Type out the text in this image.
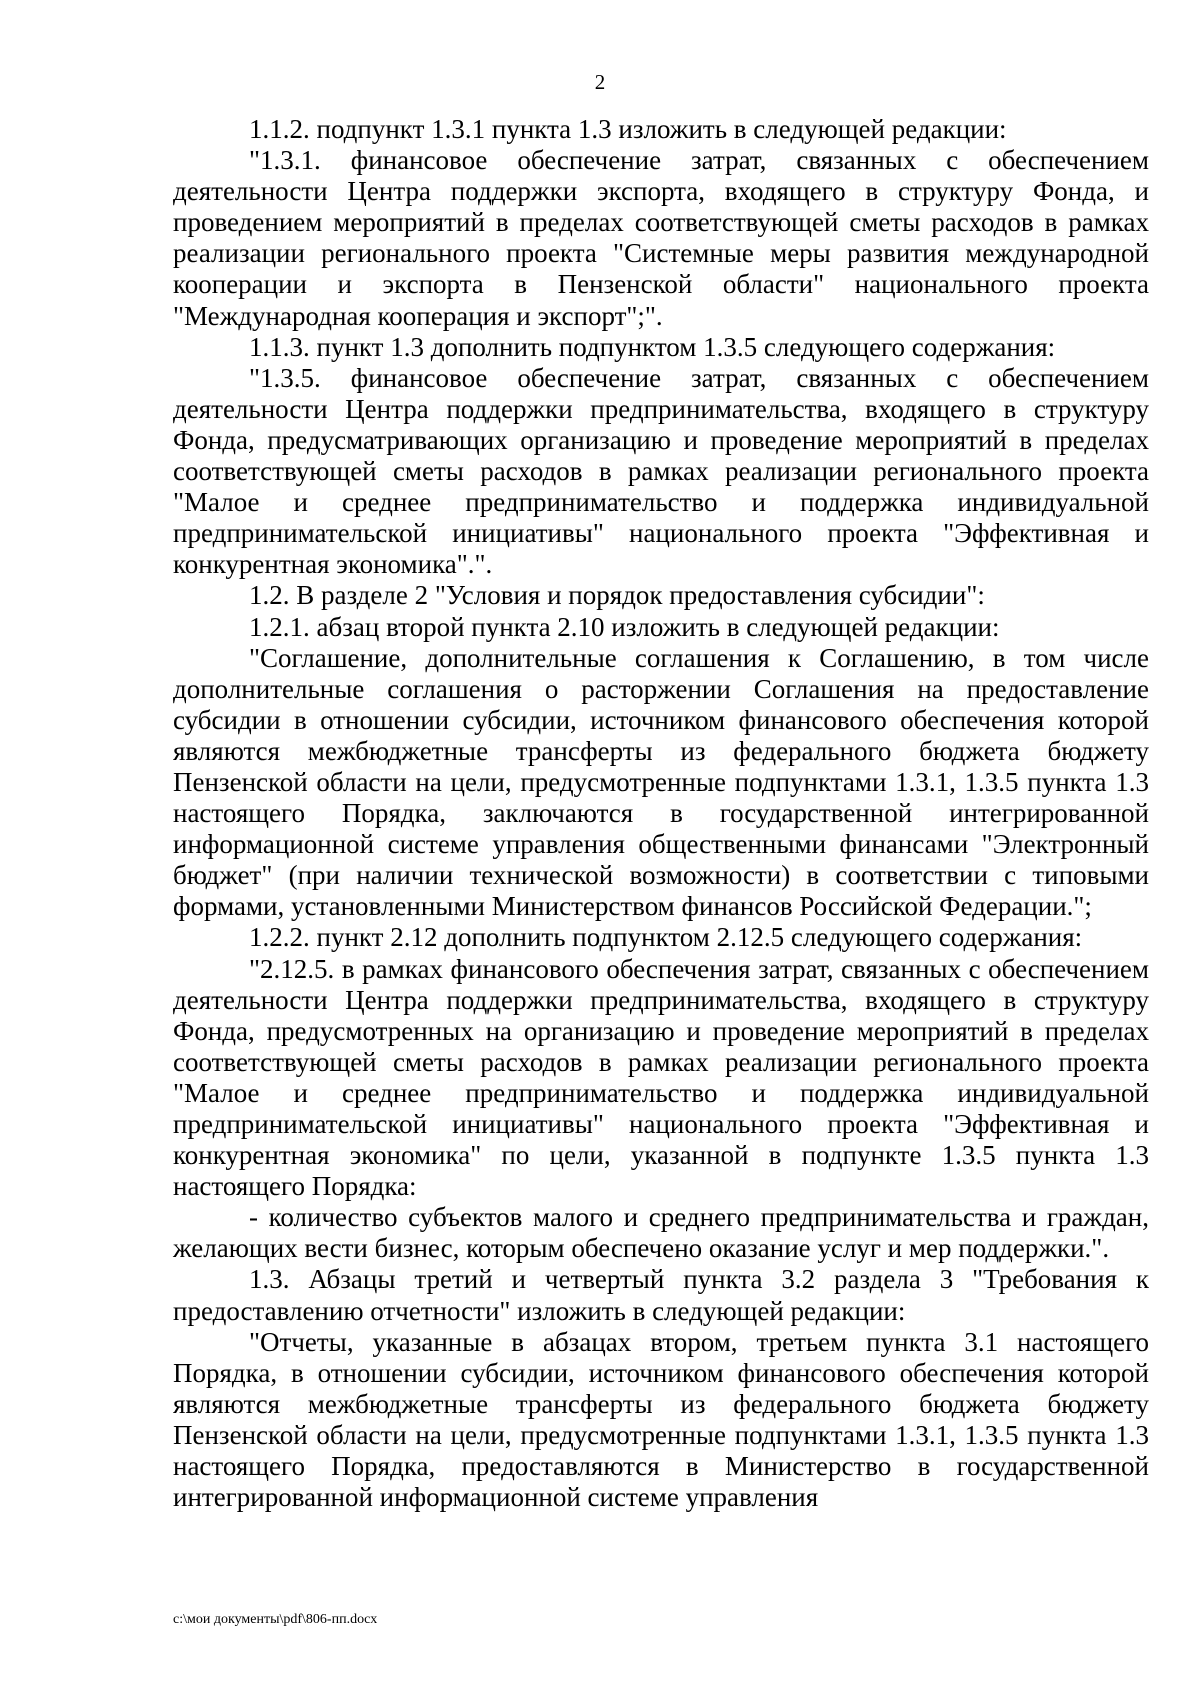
2

1.1.2. подпункт 1.3.1 пункта 1.3 изложить в следующей редакции:

"1.3.1. финансовое обеспечение затрат, связанных с обеспечением деятельности Центра поддержки экспорта, входящего в структуру Фонда, и проведением мероприятий в пределах соответствующей сметы расходов в рамках реализации регионального проекта "Системные меры развития международной кооперации и экспорта в Пензенской области" национального проекта "Международная кооперация и экспорт";".

1.1.3. пункт 1.3 дополнить подпунктом 1.3.5 следующего содержания:

"1.3.5. финансовое обеспечение затрат, связанных с обеспечением деятельности Центра поддержки предпринимательства, входящего в структуру Фонда, предусматривающих организацию и проведение мероприятий в пределах соответствующей сметы расходов в рамках реализации регионального проекта "Малое и среднее предпринимательство и поддержка индивидуальной предпринимательской инициативы" национального проекта "Эффективная и конкурентная экономика".".

1.2. В разделе 2 "Условия и порядок предоставления субсидии":

1.2.1. абзац второй пункта 2.10 изложить в следующей редакции:

"Соглашение, дополнительные соглашения к Соглашению, в том числе дополнительные соглашения о расторжении Соглашения на предоставление субсидии в отношении субсидии, источником финансового обеспечения которой являются межбюджетные трансферты из федерального бюджета бюджету Пензенской области на цели, предусмотренные подпунктами 1.3.1, 1.3.5 пункта 1.3 настоящего Порядка, заключаются в государственной интегрированной информационной системе управления общественными финансами "Электронный бюджет" (при наличии технической возможности) в соответствии с типовыми формами, установленными Министерством финансов Российской Федерации.";

1.2.2. пункт 2.12 дополнить подпунктом 2.12.5 следующего содержания:

"2.12.5. в рамках финансового обеспечения затрат, связанных с обеспечением деятельности Центра поддержки предпринимательства, входящего в структуру Фонда, предусмотренных на организацию и проведение мероприятий в пределах соответствующей сметы расходов в рамках реализации регионального проекта "Малое и среднее предпринимательство и поддержка индивидуальной предпринимательской инициативы" национального проекта "Эффективная и конкурентная экономика" по цели, указанной в подпункте 1.3.5 пункта 1.3 настоящего Порядка:

- количество субъектов малого и среднего предпринимательства и граждан, желающих вести бизнес, которым обеспечено оказание услуг и мер поддержки.".

1.3. Абзацы третий и четвертый пункта 3.2 раздела 3 "Требования к предоставлению отчетности" изложить в следующей редакции:

"Отчеты, указанные в абзацах втором, третьем пункта 3.1 настоящего Порядка, в отношении субсидии, источником финансового обеспечения которой являются межбюджетные трансферты из федерального бюджета бюджету Пензенской области на цели, предусмотренные подпунктами 1.3.1, 1.3.5 пункта 1.3 настоящего Порядка, предоставляются в Министерство в государственной интегрированной информационной системе управления

c:\мои документы\pdf\806-пп.docx
